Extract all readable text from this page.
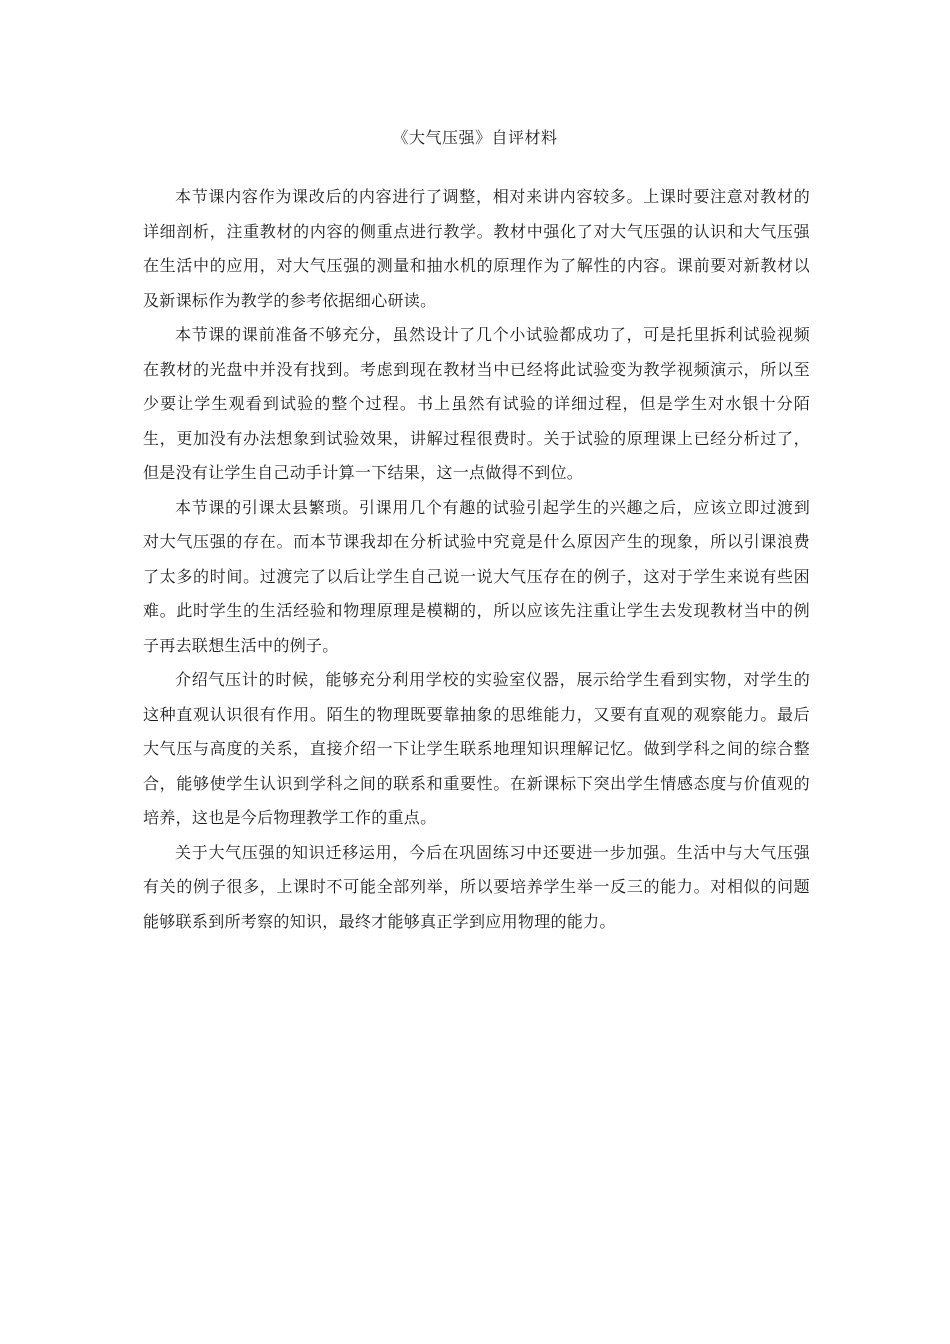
《大气压强》自评材料

本节课内容作为课改后的内容进行了调整，相对来讲内容较多。上课时要注意对教材的详细剖析，注重教材的内容的侧重点进行教学。教材中强化了对大气压强的认识和大气压强在生活中的应用，对大气压强的测量和抽水机的原理作为了解性的内容。课前要对新教材以及新课标作为教学的参考依据细心研读。

本节课的课前准备不够充分，虽然设计了几个小试验都成功了，可是托里拆利试验视频在教材的光盘中并没有找到。考虑到现在教材当中已经将此试验变为教学视频演示，所以至少要让学生观看到试验的整个过程。书上虽然有试验的详细过程，但是学生对水银十分陌生，更加没有办法想象到试验效果，讲解过程很费时。关于试验的原理课上已经分析过了，但是没有让学生自己动手计算一下结果，这一点做得不到位。

本节课的引课太县繁琐。引课用几个有趣的试验引起学生的兴趣之后，应该立即过渡到对大气压强的存在。而本节课我却在分析试验中究竟是什么原因产生的现象，所以引课浪费了太多的时间。过渡完了以后让学生自己说一说大气压存在的例子，这对于学生来说有些困难。此时学生的生活经验和物理原理是模糊的，所以应该先注重让学生去发现教材当中的例子再去联想生活中的例子。

介绍气压计的时候，能够充分利用学校的实验室仪器，展示给学生看到实物，对学生的这种直观认识很有作用。陌生的物理既要靠抽象的思维能力，又要有直观的观察能力。最后大气压与高度的关系，直接介绍一下让学生联系地理知识理解记忆。做到学科之间的综合整合，能够使学生认识到学科之间的联系和重要性。在新课标下突出学生情感态度与价值观的培养，这也是今后物理教学工作的重点。

关于大气压强的知识迁移运用，今后在巩固练习中还要进一步加强。生活中与大气压强有关的例子很多，上课时不可能全部列举，所以要培养学生举一反三的能力。对相似的问题能够联系到所考察的知识，最终才能够真正学到应用物理的能力。
